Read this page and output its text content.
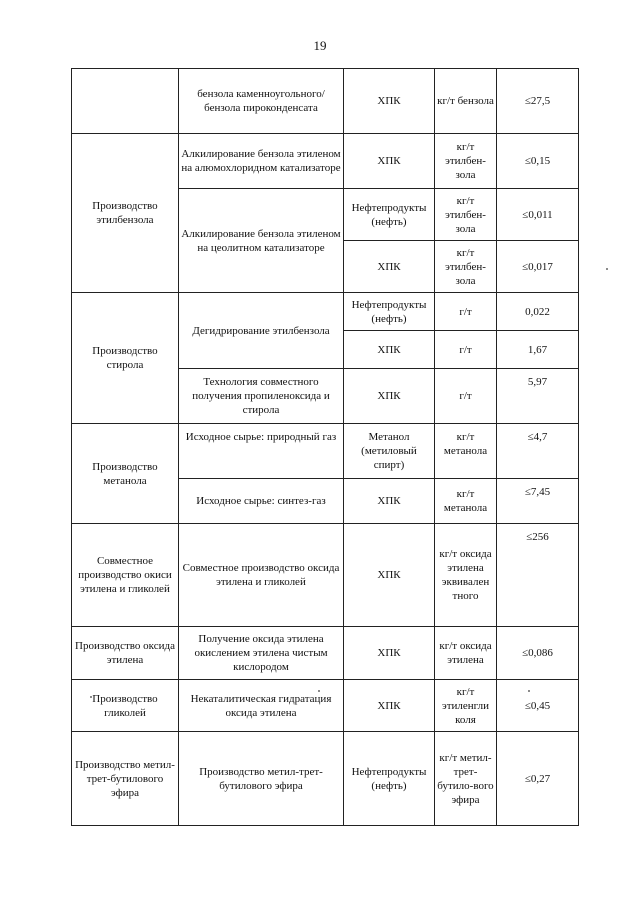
19
	бензола каменноугольного/бензола пироконденсата	ХПК	кг/т бензола	≤27,5
Производство этилбензола	Алкилирование бензола этиленом на алюмохлоридном катализаторе	ХПК	кг/т этилбен-зола	≤0,15
	Алкилирование бензола этиленом на цеолитном катализаторе	Нефтепродукты (нефть)	кг/т этилбен-зола	≤0,011
		ХПК	кг/т этилбен-зола	≤0,017
Производство стирола	Дегидрирование этилбензола	Нефтепродукты (нефть)	г/т	0,022
		ХПК	г/т	1,67
	Технология совместного получения пропиленоксида и стирола	ХПК	г/т	5,97
Производство метанола	Исходное сырье: природный газ	Метанол (метиловый спирт)	кг/т метанола	≤4,7
	Исходное сырье: синтез-газ	ХПК	кг/т метанола	≤7,45
Совместное производство окиси этилена и гликолей	Совместное производство оксида этилена и гликолей	ХПК	кг/т оксида этилена эквивален тного	≤256
Производство оксида этилена	Получение оксида этилена окислением этилена чистым кислородом	ХПК	кг/т оксида этилена	≤0,086
Производство гликолей	Некаталитическая гидратация оксида этилена	ХПК	кг/т этиленгли коля	≤0,45
Производство метил-трет-бутилового эфира	Производство метил-трет-бутилового эфира	Нефтепродукты (нефть)	кг/т метил-трет-бутило-вого эфира	≤0,27
